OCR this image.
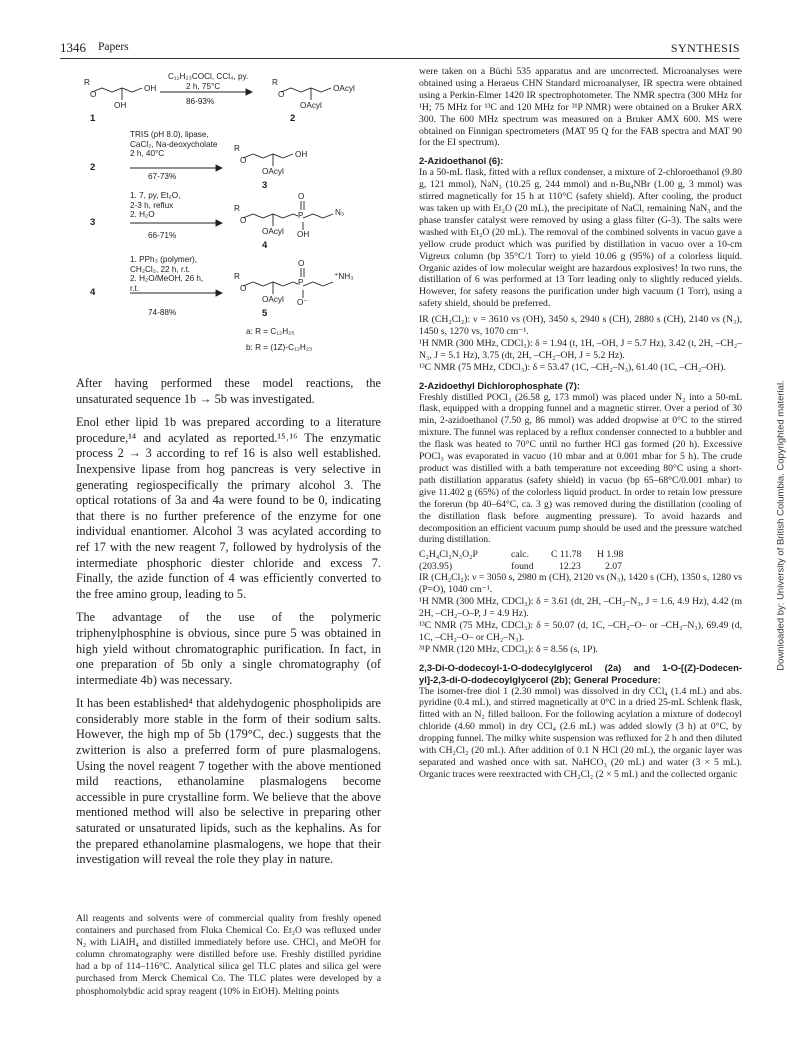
1346 Papers	SYNTHESIS
R
O
OH
OH
1
C₁₁H₂₃COCl, CCl₄, py.
2 h, 75°C
86-93%
R
O
OAcyl
OAcyl
2
2
TRIS (pH 8.0), lipase,
CaCl₂, Na-deoxycholate
2 h, 40°C
67-73%
R
O
OH
OAcyl
3
3
1. 7, py, Et₂O,
2-3 h, reflux
2. H₂O
66-71%
R
O
O
P
OH
N₃
OAcyl
4
4
1. PPh₃ (polymer),
CH₂Cl₂, 22 h, r.t.
2. H₂O/MeOH, 26 h,
r.t.
74-88%
R
O
O
P
O⁻
⁺NH₃
OAcyl
5
a: R = C₁₂H₂₅
b: R = (1Z)-C₁₂H₂₃

After having performed these model reactions, the unsaturated sequence 1b → 5b was investigated.

Enol ether lipid 1b was prepared according to a literature procedure,¹⁴ and acylated as reported.¹⁵˒¹⁶ The enzymatic process 2 → 3 according to ref 16 is also well established. Inexpensive lipase from hog pancreas is very selective in generating regiospecifically the primary alcohol 3. The optical rotations of 3a and 4a were found to be 0, indicating that there is no further preference of the enzyme for one individual enantiomer. Alcohol 3 was acylated according to ref 17 with the new reagent 7, followed by hydrolysis of the intermediate phosphoric diester chloride and excess 7. Finally, the azide function of 4 was efficiently converted to the free amino group, leading to 5.

The advantage of the use of the polymeric triphenylphosphine is obvious, since pure 5 was obtained in high yield without chromatographic purification. In fact, in one preparation of 5b only a single chromatography (of intermediate 4b) was necessary.

It has been established⁴ that aldehydogenic phospholipids are considerably more stable in the form of their sodium salts. However, the high mp of 5b (179°C, dec.) suggests that the zwitterion is also a preferred form of pure plasmalogens. Using the novel reagent 7 together with the above mentioned mild reactions, ethanolamine plasmalogens become accessible in pure crystalline form. We believe that the above mentioned method will also be selective in preparing other saturated or unsaturated lipids, such as the kephalins. As for the prepared ethanolamine plasmalogens, we hope that their investigation will reveal the role they play in nature.

All reagents and solvents were of commercial quality from freshly opened containers and purchased from Fluka Chemical Co. Et₂O was refluxed under N₂ with LiAlH₄ and distilled immediately before use. CHCl₃ and MeOH for column chromatography were distilled before use. Freshly distilled pyridine had a bp of 114–116°C. Analytical silica gel TLC plates and silica gel were purchased from Merck Chemical Co. The TLC plates were developed by a phosphomolybdic acid spray reagent (10% in EtOH). Melting points

were taken on a Büchi 535 apparatus and are uncorrected. Microanalyses were obtained using a Heraeus CHN Standard microanalyser, IR spectra were obtained using a Perkin-Elmer 1420 IR spectrophotometer. The NMR spectra (300 MHz for ¹H; 75 MHz for ¹³C and 120 MHz for ³¹P NMR) were obtained on a Bruker ARX 300. The 600 MHz spectrum was measured on a Bruker AMX 600. MS were obtained on Finnigan spectrometers (MAT 95 Q for the FAB spectra and MAT 90 for the EI spectrum).

2-Azidoethanol (6):

In a 50-mL flask, fitted with a reflux condenser, a mixture of 2-chloroethanol (9.80 g, 121 mmol), NaN₃ (10.25 g, 244 mmol) and n-Bu₄NBr (1.00 g, 3 mmol) was stirred magnetically for 15 h at 110°C (safety shield). After cooling, the product was taken up with Et₂O (20 mL), the precipitate of NaCl, remaining NaN₃ and the phase transfer catalyst were removed by using a glass filter (G-3). The salts were washed with Et₂O (20 mL). The removal of the combined solvents in vacuo gave a yellow crude product which was purified by distillation in vacuo over a 10-cm Vigreux column (bp 35°C/1 Torr) to yield 10.06 g (95%) of a colorless liquid. Organic azides of low molecular weight are hazardous explosives! In two runs, the distillation of 6 was performed at 13 Torr leading only to slightly reduced yields. However, for safety reasons the purification under high vacuum (1 Torr), using a safety shield, should be preferred.

IR (CH₂Cl₂): ν = 3610 vs (OH), 3450 s, 2940 s (CH), 2880 s (CH), 2140 vs (N₃), 1450 s, 1270 vs, 1070 cm⁻¹.

¹H NMR (300 MHz, CDCl₃): δ = 1.94 (t, 1H, –OH, J = 5.7 Hz), 3.42 (t, 2H, –CH₂–N₃, J = 5.1 Hz), 3.75 (dt, 2H, –CH₂–OH, J = 5.2 Hz).

¹³C NMR (75 MHz, CDCl₃): δ = 53.47 (1C, –CH₂–N₃), 61.40 (1C, –CH₂–OH).

2-Azidoethyl Dichlorophosphate (7):

Freshly distilled POCl₃ (26.58 g, 173 mmol) was placed under N₂ into a 50-mL flask, equipped with a dropping funnel and a magnetic stirrer. Over a period of 30 min, 2-azidoethanol (7.50 g, 86 mmol) was added dropwise at 0°C to the stirred mixture. The funnel was replaced by a reflux condenser connected to a bubbler and the flask was heated to 70°C until no further HCl gas formed (20 h). Excessive POCl₃ was evaporated in vacuo (10 mbar and at 0.001 mbar for 5 h). The crude product was distilled with a bath temperature not exceeding 80°C using a short-path distillation apparatus (safety shield) in vacuo (bp 65–68°C/0.001 mbar) to give 11.402 g (65%) of the colorless liquid product. In order to retain low pressure the forerun (bp 40–64°C, ca. 3 g) was removed during the distillation (cooling of the distillation flask before augmenting pressure). To avoid hazards and decomposition an efficient vacuum pump should be used and the pressure watched during distillation.

C₂H₄Cl₂N₃O₂P	calc.	C 11.78	H 1.98
(203.95)	found	12.23	2.07

IR (CH₂Cl₂): ν = 3050 s, 2980 m (CH), 2120 vs (N₃), 1420 s (CH), 1350 s, 1280 vs (P=O), 1040 cm⁻¹.

¹H NMR (300 MHz, CDCl₃): δ = 3.61 (dt, 2H, –CH₂–N₃, J = 1.6, 4.9 Hz), 4.42 (m 2H, –CH₂–O–P, J = 4.9 Hz).

¹³C NMR (75 MHz, CDCl₃): δ = 50.07 (d, 1C, –CH₂–O– or –CH₂–N₃), 69.49 (d, 1C, –CH₂–O– or CH₂–N₃).

³¹P NMR (120 MHz, CDCl₃): δ = 8.56 (s, 1P).

2,3-Di-O-dodecoyl-1-O-dodecylglycerol (2a) and 1-O-[(Z)-Dodecen-yl]-2,3-di-O-dodecoylglycerol (2b); General Procedure:

The isomer-free diol 1 (2.30 mmol) was dissolved in dry CCl₄ (1.4 mL) and abs. pyridine (0.4 mL), and stirred magnetically at 0°C in a dried 25-mL Schlenk flask, fitted with an N₂ filled balloon. For the following acylation a mixture of dodecoyl chloride (4.60 mmol) in dry CCl₄ (2.6 mL) was added slowly (3 h) at 0°C, by dropping funnel. The milky white suspension was refluxed for 2 h and then diluted with CH₂Cl₂ (20 mL). After addition of 0.1 N HCl (20 mL), the organic layer was separated and washed once with sat. NaHCO₃ (20 mL) and water (3 × 5 mL). Organic traces were reextracted with CH₂Cl₂ (2 × 5 mL) and the collected organic

Downloaded by: University of British Columbia. Copyrighted material.
